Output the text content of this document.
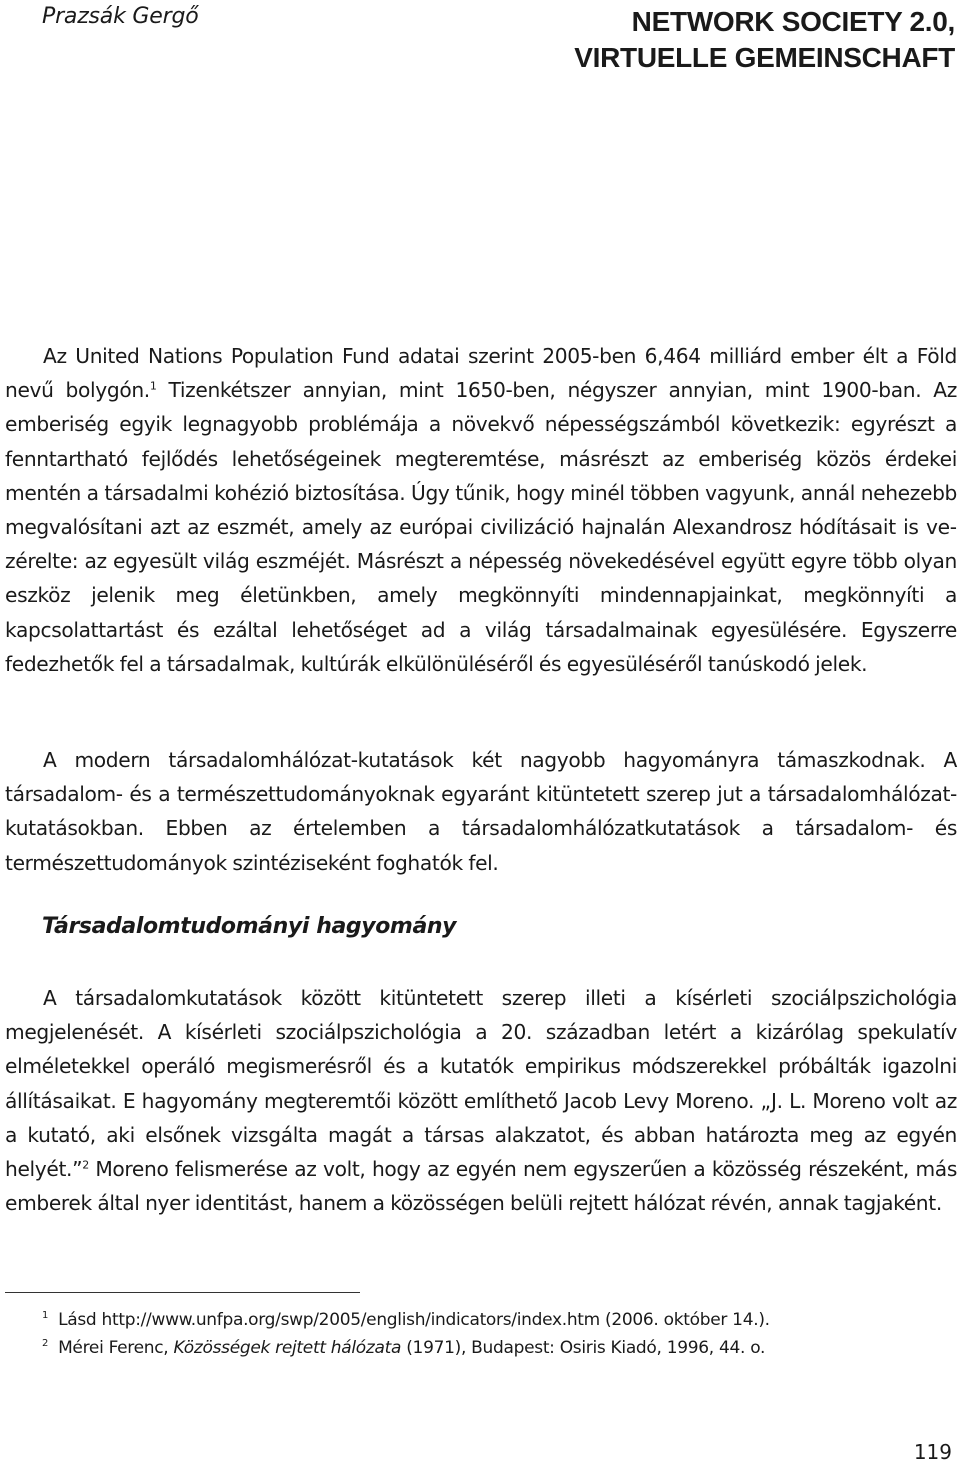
Prazsák Gergő	NETWORK SOCIETY 2.0,
VIRTUELLE GEMEINSCHAFT

Az United Nations Population Fund adatai szerint 2005-ben 6,464 milliárd ember élt a Föld nevű bolygón.$^1$ Tizenkétszer annyian, mint 1650-ben, négyszer annyian, mint 1900-ban. Az emberiség egyik legnagyobb problémája a növekvő népességszámból következik: egyrészt a fenntartható fejlődés lehetőségeinek megteremtése, másrészt az emberiség közös érdekei mentén a társadalmi kohézió biztosítása. Úgy tűnik, hogy minél többen vagyunk, annál nehezebb megvalósítani azt az eszmét, amely az európai civilizáció hajnalán Alexandrosz hódításait is vezérelte: az egyesült világ eszméjét. Másrészt a népesség növekedésével együtt egyre több olyan eszköz jelenik meg életünkben, amely megkönnyíti mindennapjainkat, megkönnyíti a kapcsolattartást és ezáltal lehetőséget ad a világ társadalmainak egyesülésére. Egyszerre fedezhetők fel a társadalmak, kultúrák elkülönüléséről és egyesüléséről tanúskodó jelek.

A modern társadalomhálózat-kutatások két nagyobb hagyományra támaszkodnak. A társadalom- és a természettudományoknak egyaránt kitüntetett szerep jut a társadalomhálózat-kutatásokban. Ebben az értelemben a társadalomhálózatkutatások a társadalom- és természettudományok szintéziseként foghatók fel.

Társadalomtudományi hagyomány

A társadalomkutatások között kitüntetett szerep illeti a kísérleti szociálpszichológia megjelenését. A kísérleti szociálpszichológia a 20. században letért a kizárólag spekulatív elméletekkel operáló megismerésről és a kutatók empirikus módszerekkel próbálták igazolni állításaikat. E hagyomány megteremtői között említhető Jacob Levy Moreno. „J. L. Moreno volt az a kutató, aki elsőnek vizsgálta magát a társas alakzatot, és abban határozta meg az egyén helyét.”$^2$ Moreno felismerése az volt, hogy az egyén nem egyszerűen a közösség részeként, más emberek által nyer identitást, hanem a közösségen belüli rejtett hálózat révén, annak tagjaként.

$^1$ Lásd http://www.unfpa.org/swp/2005/english/indicators/index.htm (2006. október 14.).

$^2$ Mérei Ferenc, Közösségek rejtett hálózata (1971), Budapest: Osiris Kiadó, 1996, 44. o.

119
